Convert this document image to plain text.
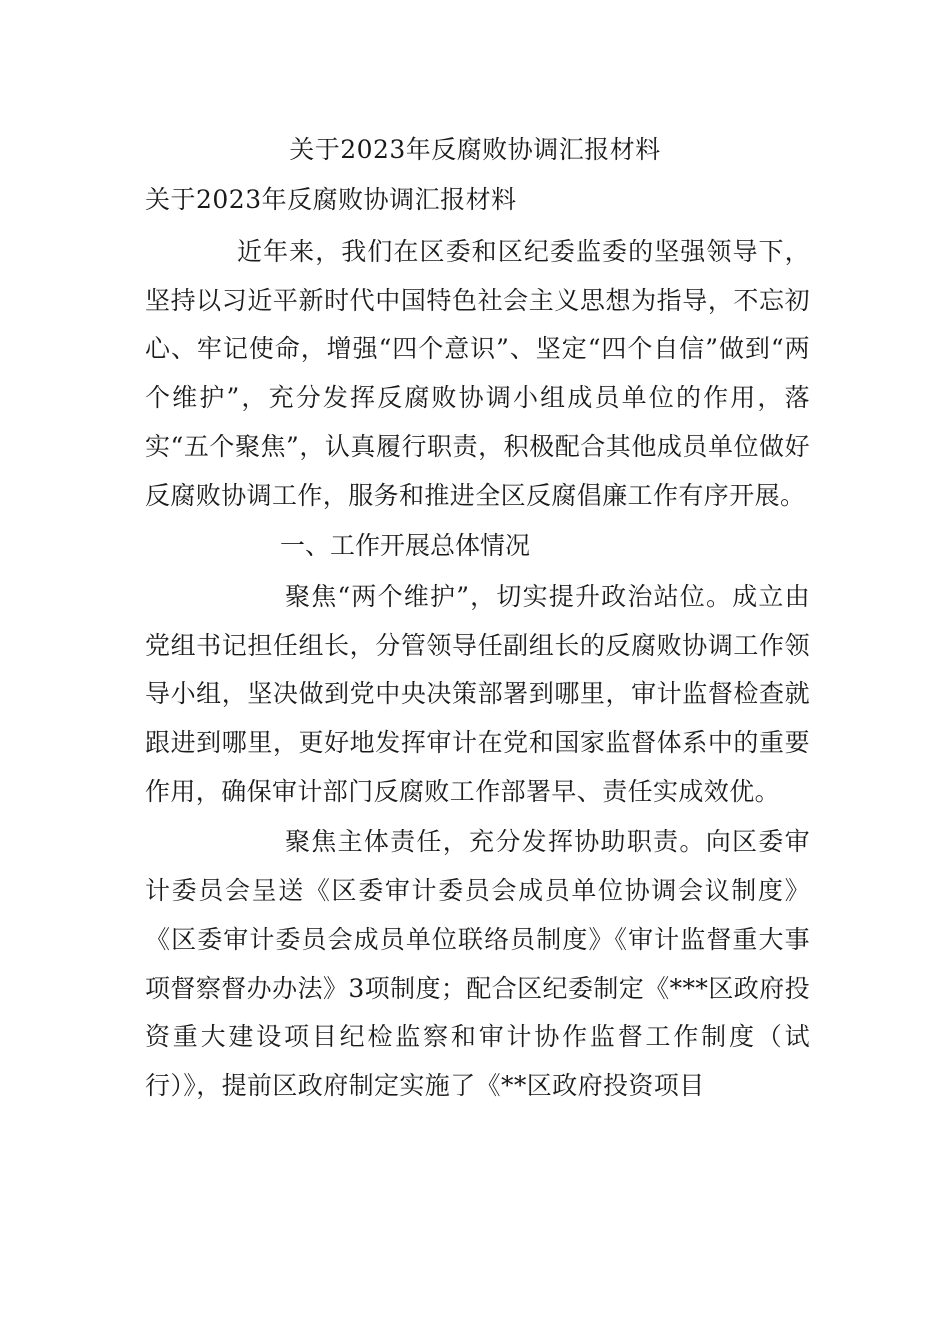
关于2023年反腐败协调汇报材料
关于2023年反腐败协调汇报材料

近年来，我们在区委和区纪委监委的坚强领导下，坚持以习近平新时代中国特色社会主义思想为指导，不忘初心、牢记使命，增强“四个意识”、坚定“四个自信”做到“两个维护”，充分发挥反腐败协调小组成员单位的作用，落实“五个聚焦”，认真履行职责，积极配合其他成员单位做好反腐败协调工作，服务和推进全区反腐倡廉工作有序开展。

一、工作开展总体情况

聚焦“两个维护”，切实提升政治站位。成立由党组书记担任组长，分管领导任副组长的反腐败协调工作领导小组，坚决做到党中央决策部署到哪里，审计监督检查就跟进到哪里，更好地发挥审计在党和国家监督体系中的重要作用，确保审计部门反腐败工作部署早、责任实成效优。

聚焦主体责任，充分发挥协助职责。向区委审计委员会呈送《区委审计委员会成员单位协调会议制度》《区委审计委员会成员单位联络员制度》《审计监督重大事项督察督办办法》3项制度；配合区纪委制定《***区政府投资重大建设项目纪检监察和审计协作监督工作制度（试行）》，提前区政府制定实施了《**区政府投资项目
